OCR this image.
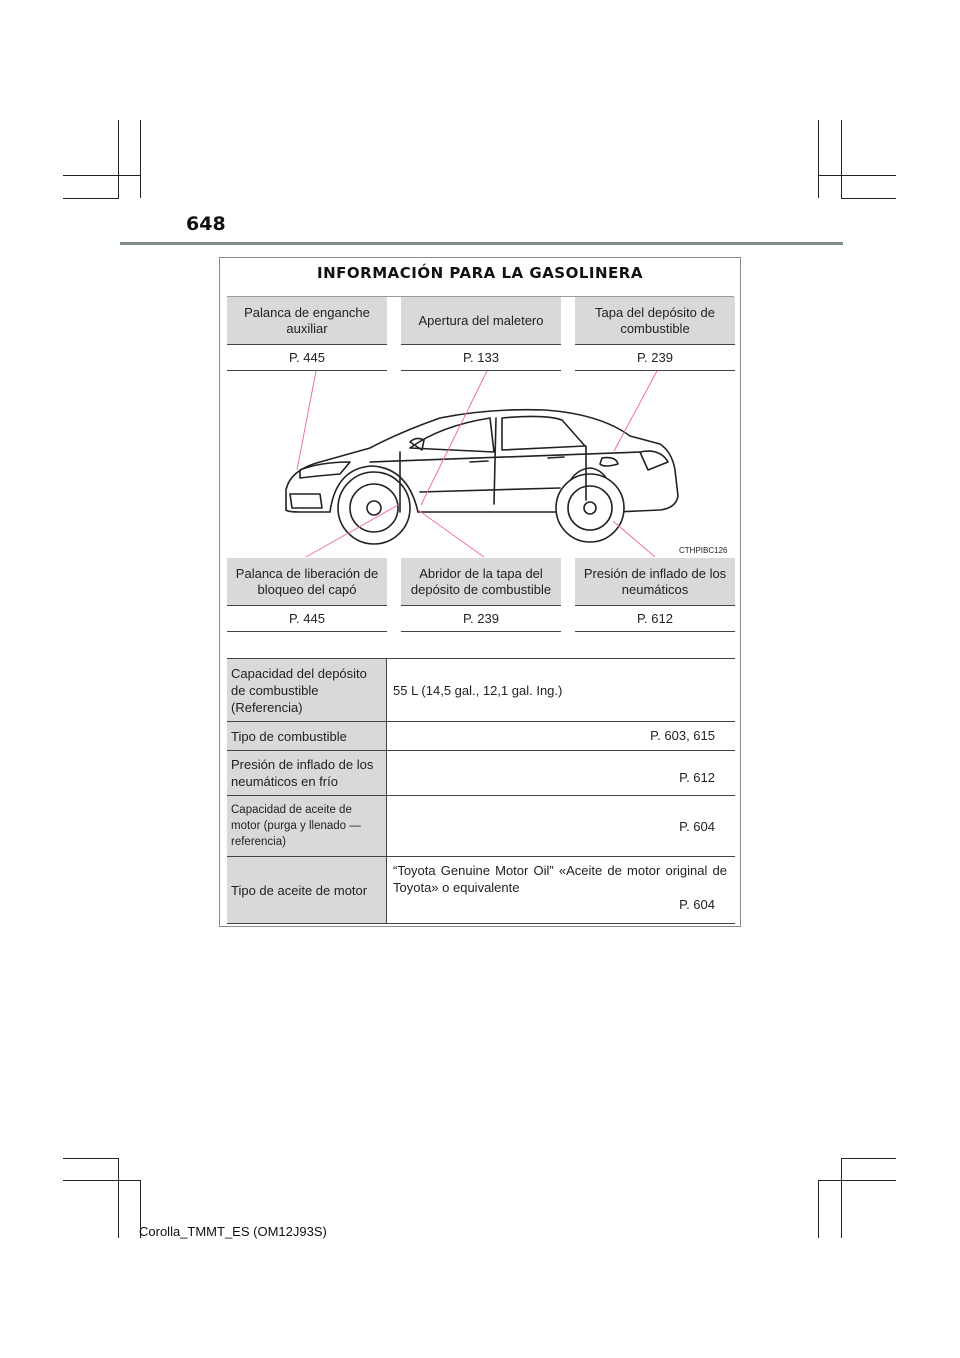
648
INFORMACIÓN PARA LA GASOLINERA
Palanca de enganche auxiliar
P. 445
Apertura del maletero
P. 133
Tapa del depósito de combustible
P. 239
CTHPIBC126
Palanca de liberación de bloqueo del capó
P. 445
Abridor de la tapa del depósito de combustible
P. 239
Presión de inflado de los neumáticos
P. 612
Capacidad del depósito de combustible (Referencia)
55 L (14,5 gal., 12,1 gal. Ing.)
Tipo de combustible	P. 603, 615
Presión de inflado de los neumáticos en frío	P. 612
Capacidad de aceite de motor (purga y llenado — referencia)
P. 604
Tipo de aceite de motor
“Toyota Genuine Motor Oil” «Aceite de motor original de Toyota» o equivalente
P. 604
Corolla_TMMT_ES (OM12J93S)
